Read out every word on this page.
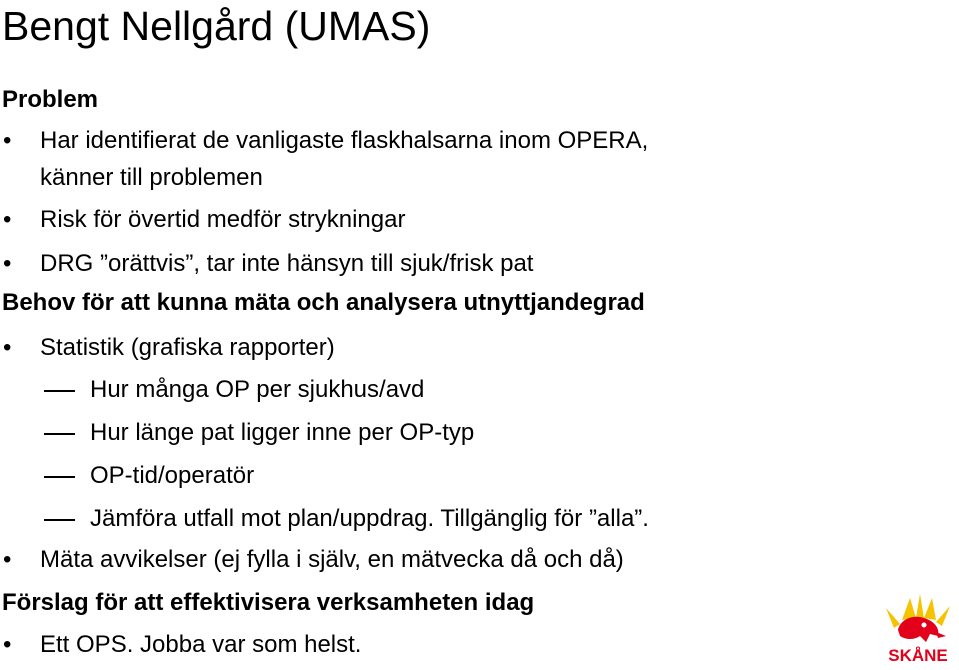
Bengt Nellgård (UMAS)
Problem
• Har identifierat de vanligaste flaskhalsarna inom OPERA,
känner till problemen
• Risk för övertid medför strykningar
• DRG ”orättvis”, tar inte hänsyn till sjuk/frisk pat
Behov för att kunna mäta och analysera utnyttjandegrad
• Statistik (grafiska rapporter)
Hur många OP per sjukhus/avd
Hur länge pat ligger inne per OP-typ
OP-tid/operatör
Jämföra utfall mot plan/uppdrag. Tillgänglig för ”alla”.
• Mäta avvikelser (ej fylla i själv, en mätvecka då och då)
Förslag för att effektivisera verksamheten idag
• Ett OPS. Jobba var som helst.	SKÅNE
